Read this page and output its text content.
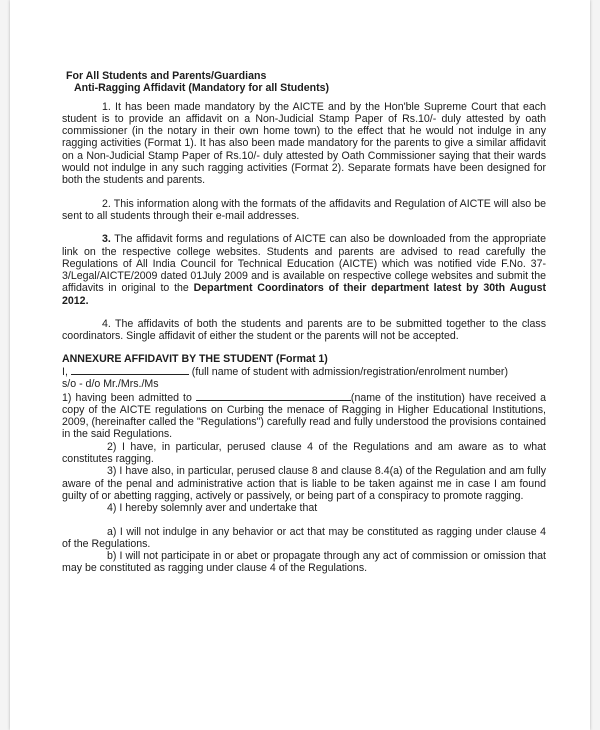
For All Students and Parents/Guardians
Anti-Ragging Affidavit (Mandatory for all Students)

1. It has been made mandatory by the AICTE and by the Hon'ble Supreme Court that each student is to provide an affidavit on a Non-Judicial Stamp Paper of Rs.10/- duly attested by oath commissioner (in the notary in their own home town) to the effect that he would not indulge in any ragging activities (Format 1). It has also been made mandatory for the parents to give a similar affidavit on a Non-Judicial Stamp Paper of Rs.10/- duly attested by Oath Commissioner saying that their wards would not indulge in any such ragging activities (Format 2). Separate formats have been designed for both the students and parents.

2. This information along with the formats of the affidavits and Regulation of AICTE will also be sent to all students through their e-mail addresses.

3. The affidavit forms and regulations of AICTE can also be downloaded from the appropriate link on the respective college websites. Students and parents are advised to read carefully the Regulations of All India Council for Technical Education (AICTE) which was notified vide F.No. 37-3/Legal/AICTE/2009 dated 01July 2009 and is available on respective college websites and submit the affidavits in original to the Department Coordinators of their department latest by 30th August 2012.

4. The affidavits of both the students and parents are to be submitted together to the class coordinators. Single affidavit of either the student or the parents will not be accepted.

ANNEXURE AFFIDAVIT BY THE STUDENT (Format 1)

I,	(full name of student with admission/registration/enrolment number)

s/o - d/o Mr./Mrs./Ms

1) having been admitted to	(name of the institution) have received a copy of the AICTE regulations on Curbing the menace of Ragging in Higher Educational Institutions, 2009, (hereinafter called the "Regulations") carefully read and fully understood the provisions contained in the said Regulations.

2) I have, in particular, perused clause 4 of the Regulations and am aware as to what constitutes ragging.

3) I have also, in particular, perused clause 8 and clause 8.4(a) of the Regulation and am fully aware of the penal and administrative action that is liable to be taken against me in case I am found guilty of or abetting ragging, actively or passively, or being part of a conspiracy to promote ragging.

4) I hereby solemnly aver and undertake that

a) I will not indulge in any behavior or act that may be constituted as ragging under clause 4 of the Regulations.

b) I will not participate in or abet or propagate through any act of commission or omission that may be constituted as ragging under clause 4 of the Regulations.
